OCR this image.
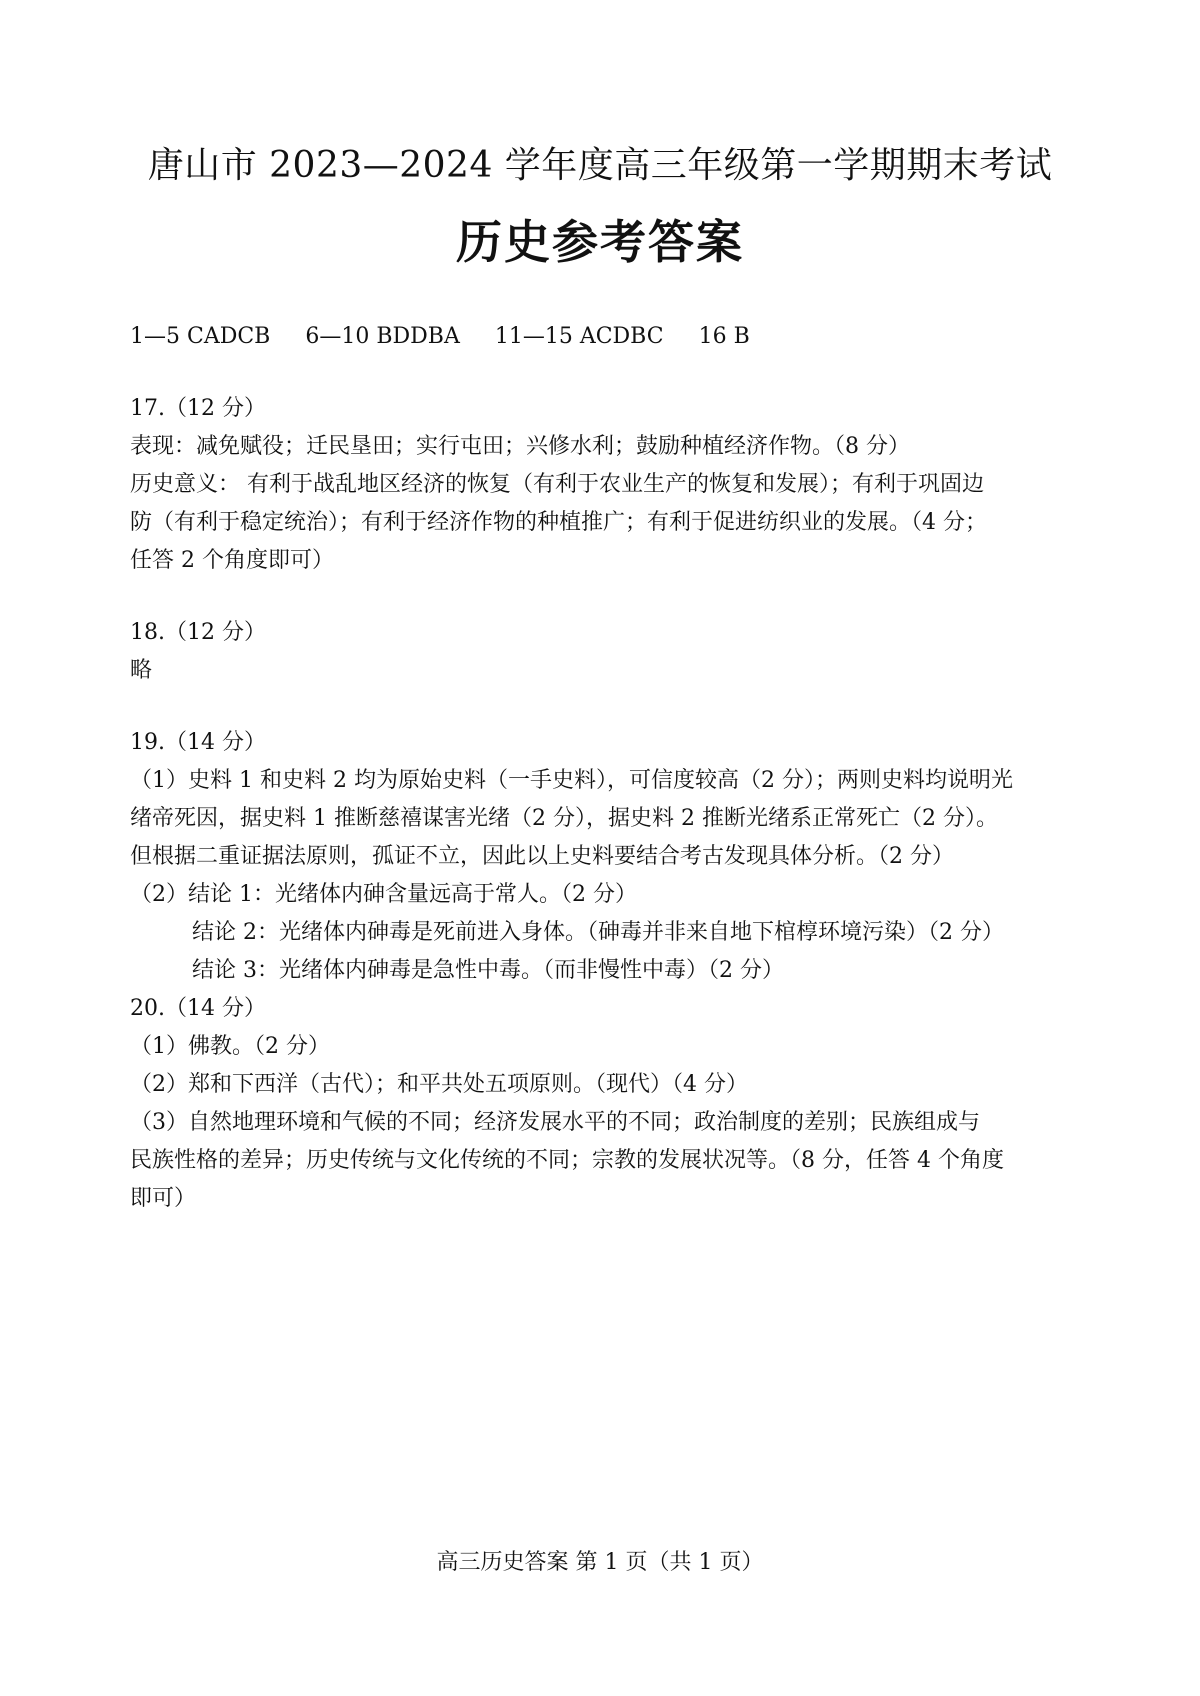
唐山市 2023—2024 学年度高三年级第一学期期末考试
历史参考答案
1—5 CADCB 6—10 BDDBA 11—15 ACDBC 16 B
17.（12 分）
表现：减免赋役；迁民垦田；实行屯田；兴修水利；鼓励种植经济作物。（8 分）
历史意义： 有利于战乱地区经济的恢复（有利于农业生产的恢复和发展）；有利于巩固边
防（有利于稳定统治）；有利于经济作物的种植推广；有利于促进纺织业的发展。（4 分；
任答 2 个角度即可）
18.（12 分）
略
19.（14 分）
（1）史料 1 和史料 2 均为原始史料（一手史料），可信度较高（2 分）；两则史料均说明光
绪帝死因，据史料 1 推断慈禧谋害光绪（2 分），据史料 2 推断光绪系正常死亡（2 分）。
但根据二重证据法原则，孤证不立，因此以上史料要结合考古发现具体分析。（2 分）
（2）结论 1：光绪体内砷含量远高于常人。（2 分）
结论 2：光绪体内砷毒是死前进入身体。（砷毒并非来自地下棺椁环境污染）（2 分）
结论 3：光绪体内砷毒是急性中毒。（而非慢性中毒）（2 分）
20.（14 分）
（1）佛教。（2 分）
（2）郑和下西洋（古代）；和平共处五项原则。（现代）（4 分）
（3）自然地理环境和气候的不同；经济发展水平的不同；政治制度的差别；民族组成与
民族性格的差异；历史传统与文化传统的不同；宗教的发展状况等。（8 分，任答 4 个角度
即可）
高三历史答案 第 1 页（共 1 页）
